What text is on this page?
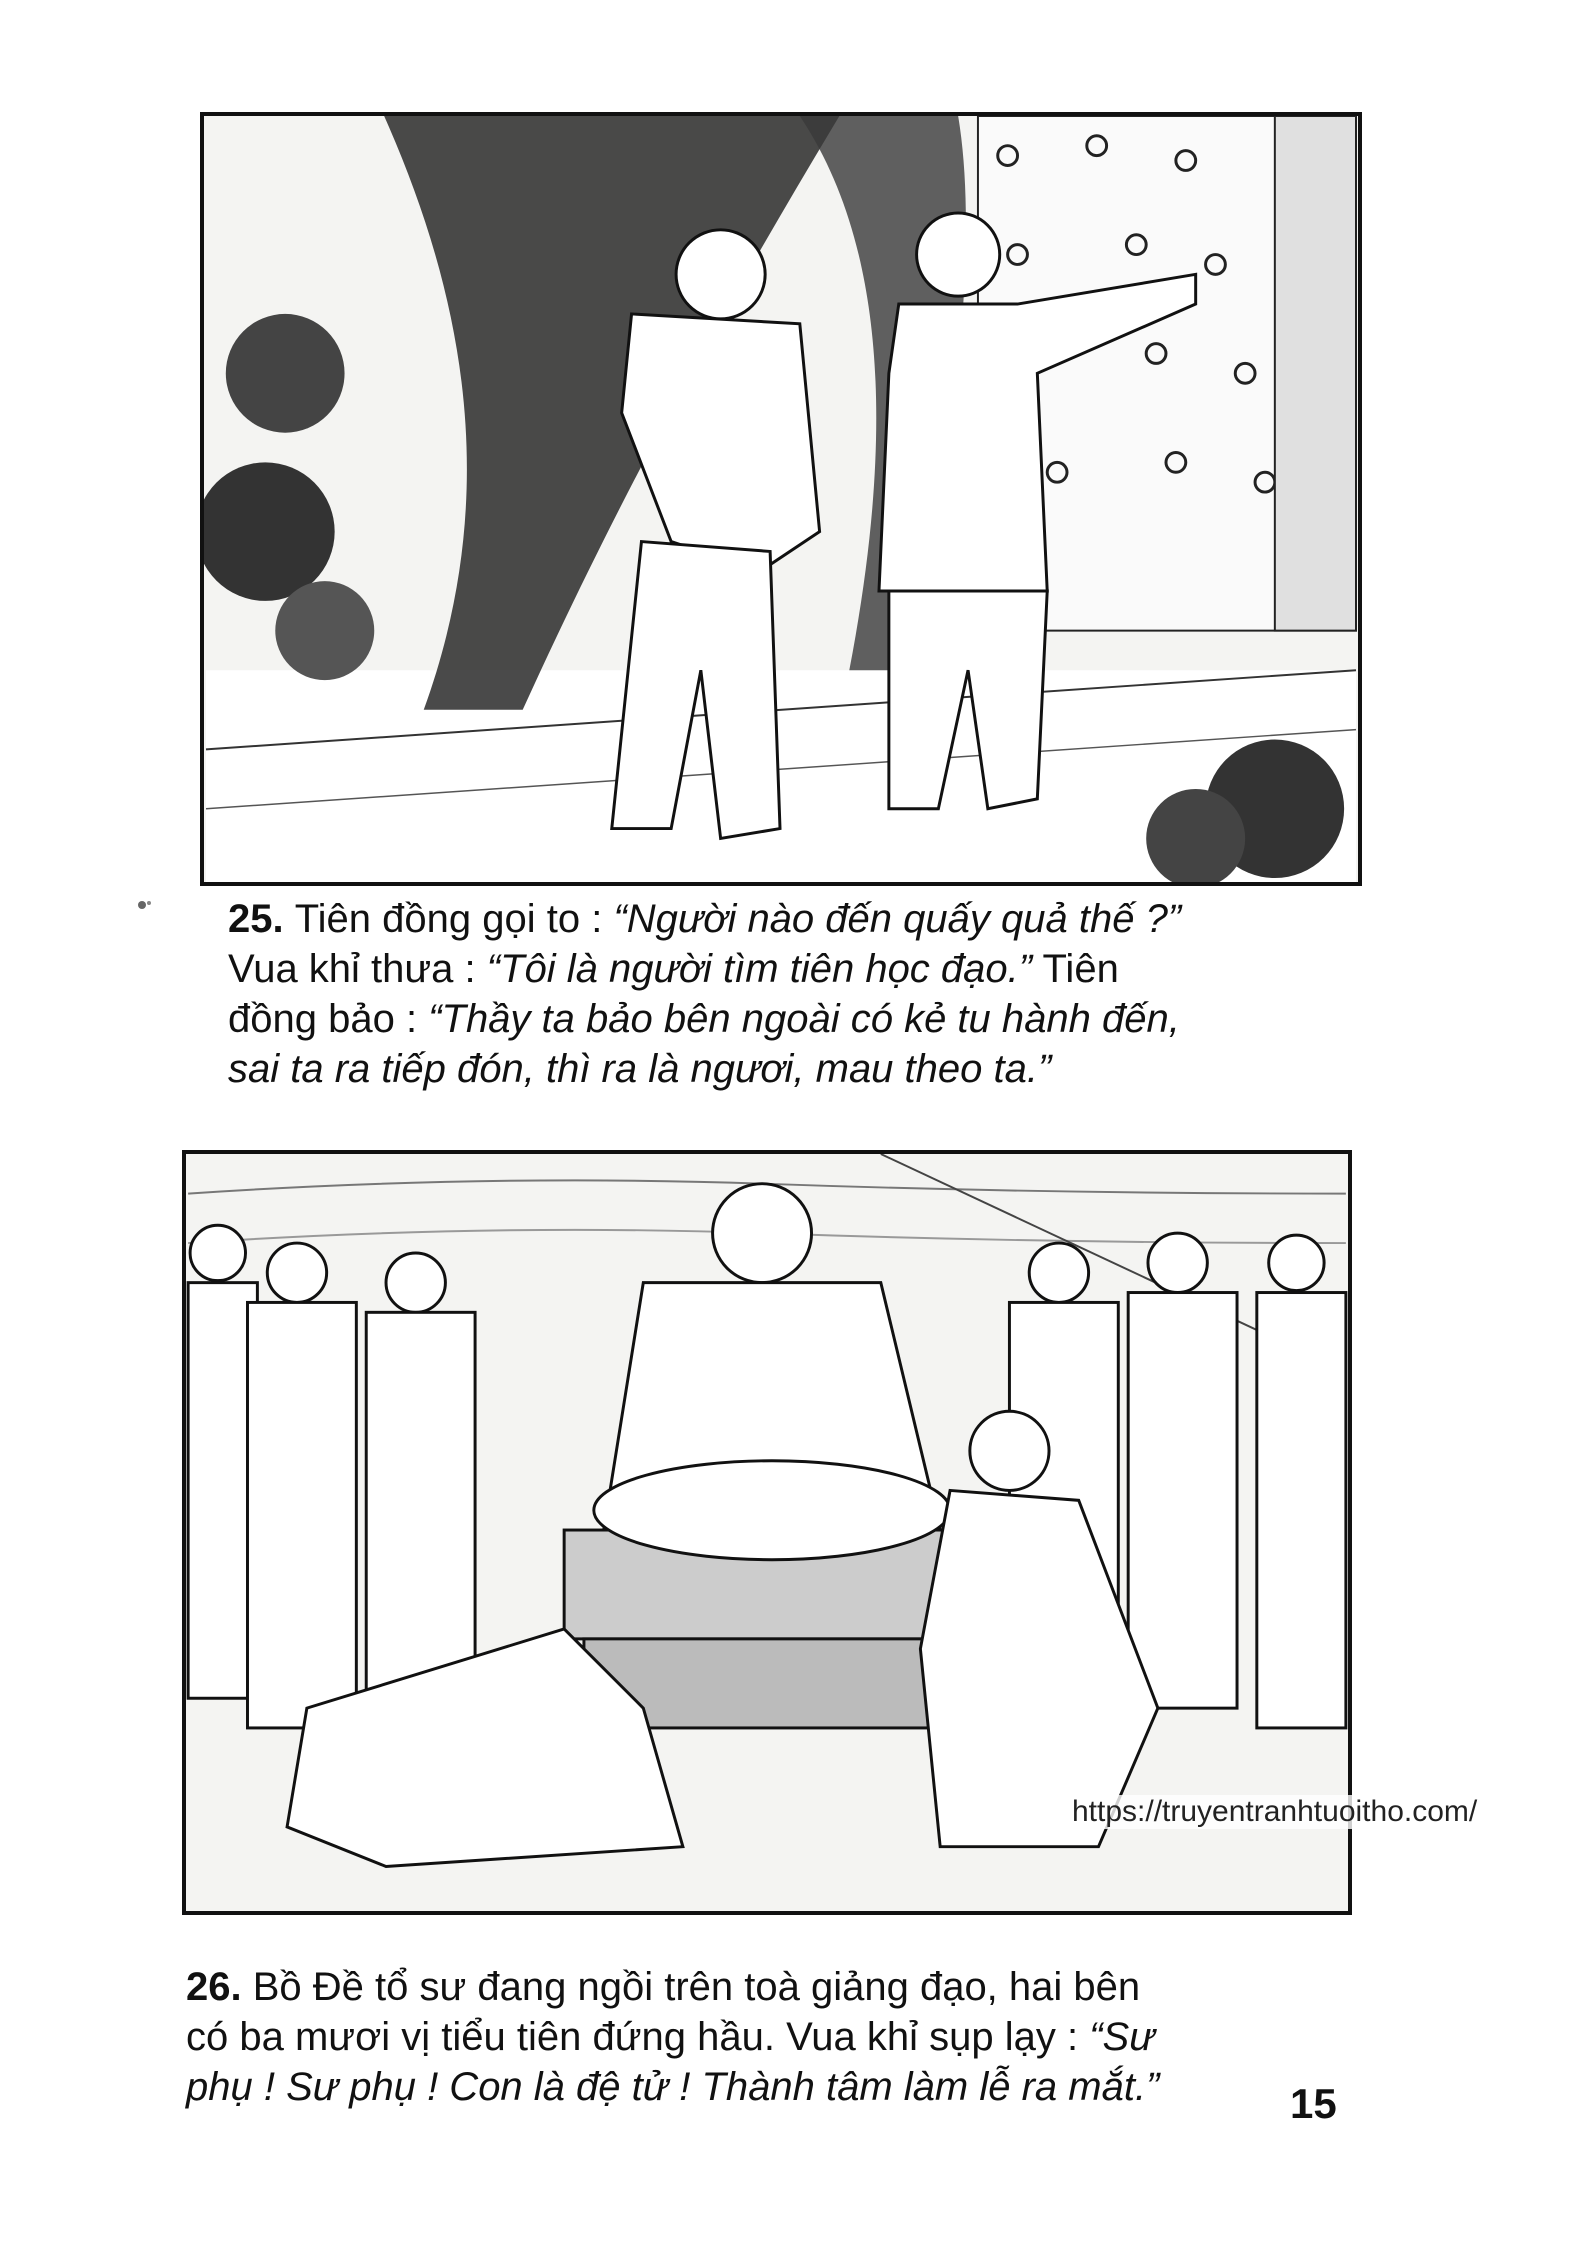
25. Tiên đồng gọi to : “Người nào đến quấy quả thế ?”

Vua khỉ thưa : “Tôi là người tìm tiên học đạo.” Tiên

đồng bảo : “Thầy ta bảo bên ngoài có kẻ tu hành đến,

sai ta ra tiếp đón, thì ra là ngươi, mau theo ta.”

https://truyentranhtuoitho.com/

26. Bồ Đề tổ sư đang ngồi trên toà giảng đạo, hai bên

có ba mươi vị tiểu tiên đứng hầu. Vua khỉ sụp lạy : “Sư

phụ ! Sư phụ ! Con là đệ tử ! Thành tâm làm lễ ra mắt.”	15
